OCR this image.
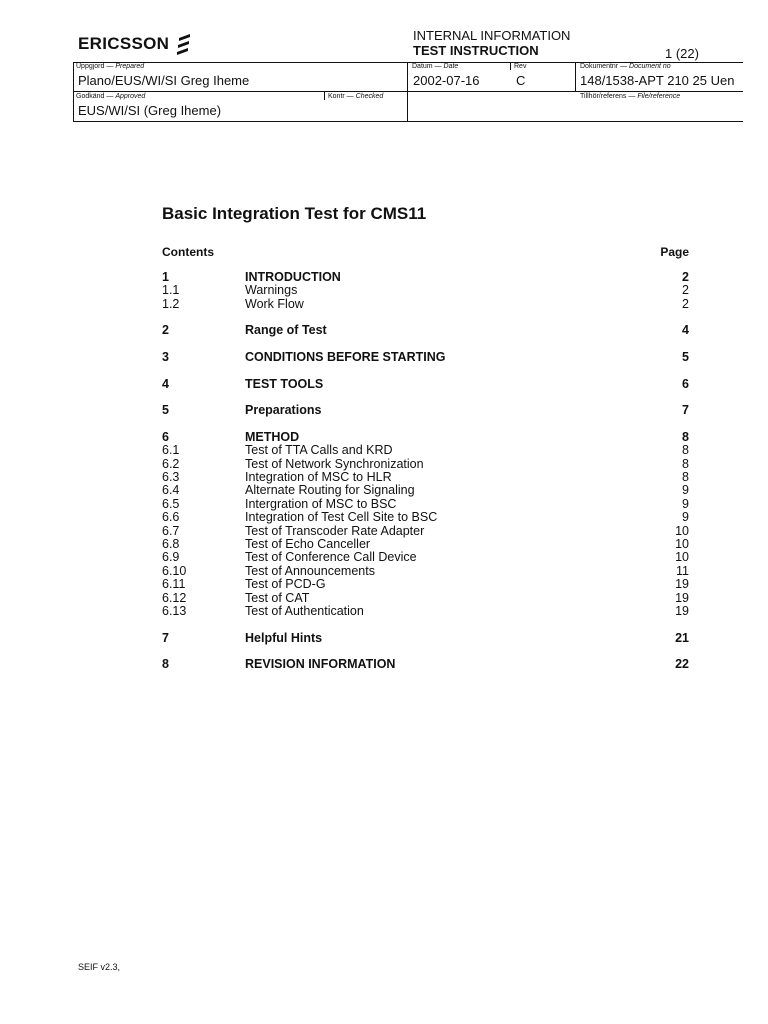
ERICSSON	INTERNAL INFORMATION
TEST INSTRUCTION	1 (22)
Uppgjord — Prepared
Plano/EUS/WI/SI Greg Iheme
Datum — Date
2002-07-16
Rev
C
Dokumentnr — Document no
148/1538-APT 210 25 Uen
Godkänd — Approved
EUS/WI/SI (Greg Iheme)
Kontr — Checked	Tillhör/referens — File/reference
Basic Integration Test for CMS11
Contents	Page
1	INTRODUCTION	2
1.1	Warnings	2
1.2	Work Flow	2
2	Range of Test	4
3	CONDITIONS BEFORE STARTING	5
4	TEST TOOLS	6
5	Preparations	7
6	METHOD	8
6.1	Test of TTA Calls and KRD	8
6.2	Test of Network Synchronization	8
6.3	Integration of MSC to HLR	8
6.4	Alternate Routing for Signaling	9
6.5	Intergration of MSC to BSC	9
6.6	Integration of Test Cell Site to BSC	9
6.7	Test of Transcoder Rate Adapter	10
6.8	Test of Echo Canceller	10
6.9	Test of Conference Call Device	10
6.10	Test of Announcements	11
6.11	Test of PCD-G	19
6.12	Test of CAT	19
6.13	Test of Authentication	19
7	Helpful Hints	21
8	REVISION INFORMATION	22
SEIF v2.3,
